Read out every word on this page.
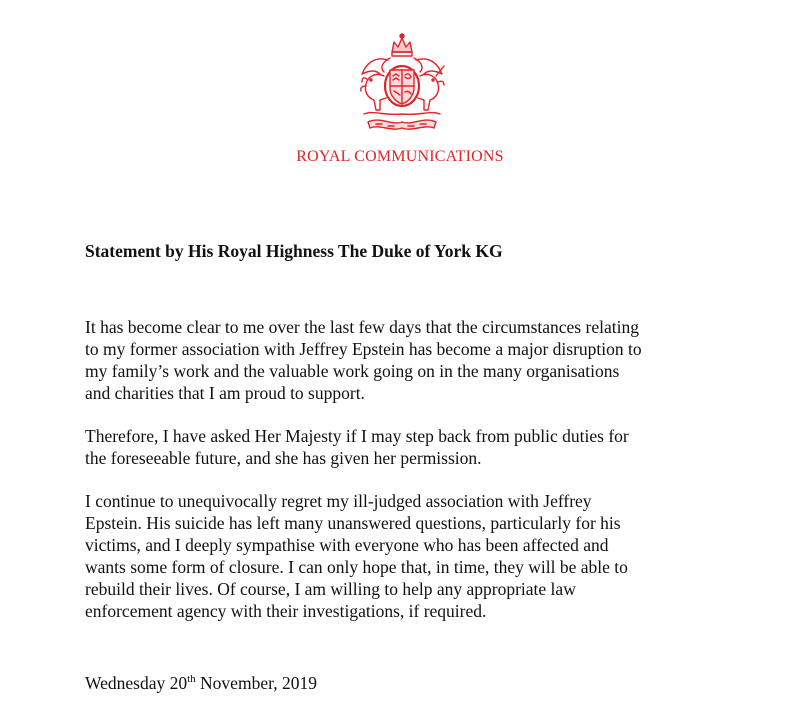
ROYAL COMMUNICATIONS
Statement by His Royal Highness The Duke of York KG
It has become clear to me over the last few days that the circumstances relating
to my former association with Jeffrey Epstein has become a major disruption to
my family’s work and the valuable work going on in the many organisations
and charities that I am proud to support.
Therefore, I have asked Her Majesty if I may step back from public duties for
the foreseeable future, and she has given her permission.
I continue to unequivocally regret my ill-judged association with Jeffrey
Epstein. His suicide has left many unanswered questions, particularly for his
victims, and I deeply sympathise with everyone who has been affected and
wants some form of closure. I can only hope that, in time, they will be able to
rebuild their lives. Of course, I am willing to help any appropriate law
enforcement agency with their investigations, if required.
Wednesday 20th November, 2019
